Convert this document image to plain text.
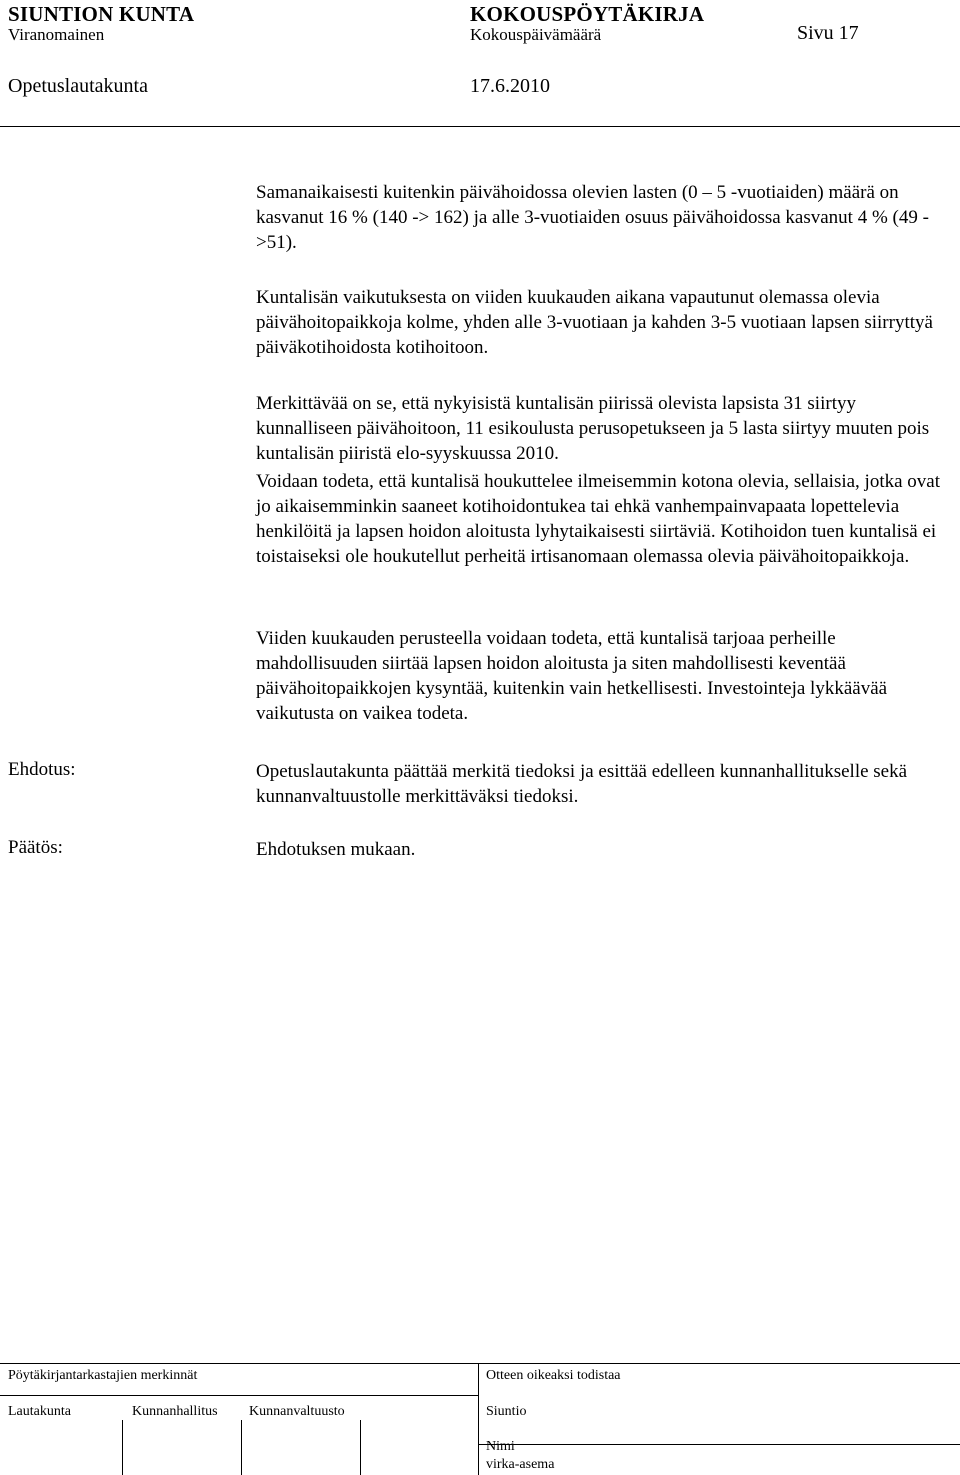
SIUNTION KUNTA	KOKOUSPÖYTÄKIRJA
Viranomainen	Kokouspäivämäärä	Sivu 17
Opetuslautakunta	17.6.2010

Samanaikaisesti kuitenkin päivähoidossa olevien lasten (0 – 5 -vuotiaiden) määrä on kasvanut 16 % (140 -> 162) ja alle 3-vuotiaiden osuus päivähoidossa kasvanut 4 % (49 ->51).

Kuntalisän vaikutuksesta on viiden kuukauden aikana vapautunut olemassa olevia päivähoitopaikkoja kolme, yhden alle 3-vuotiaan ja kahden 3-5 vuotiaan lapsen siirryttyä päiväkotihoidosta kotihoitoon.

Merkittävää on se, että nykyisistä kuntalisän piirissä olevista lapsista 31 siirtyy kunnalliseen päivähoitoon, 11 esikoulusta perusopetukseen ja 5 lasta siirtyy muuten pois kuntalisän piiristä elo-syyskuussa 2010.

Voidaan todeta, että kuntalisä houkuttelee ilmeisemmin kotona olevia, sellaisia, jotka ovat jo aikaisemminkin saaneet kotihoidontukea tai ehkä vanhempainvapaata lopettelevia henkilöitä ja lapsen hoidon aloitusta lyhytaikaisesti siirtäviä. Kotihoidon tuen kuntalisä ei toistaiseksi ole houkutellut perheitä irtisanomaan olemassa olevia päivähoitopaikkoja.

Viiden kuukauden perusteella voidaan todeta, että kuntalisä tarjoaa perheille mahdollisuuden siirtää lapsen hoidon aloitusta ja siten mahdollisesti keventää päivähoitopaikkojen kysyntää, kuitenkin vain hetkellisesti. Investointeja lykkäävää vaikutusta on vaikea todeta.

Ehdotus:	Opetuslautakunta päättää merkitä tiedoksi ja esittää edelleen kunnanhallitukselle sekä kunnanvaltuustolle merkittäväksi tiedoksi.

Päätös:	Ehdotuksen mukaan.

Pöytäkirjantarkastajien merkinnät	Otteen oikeaksi todistaa
Lautakunta	Kunnanhallitus Kunnanvaltuusto	Siuntio
Nimi
virka-asema
